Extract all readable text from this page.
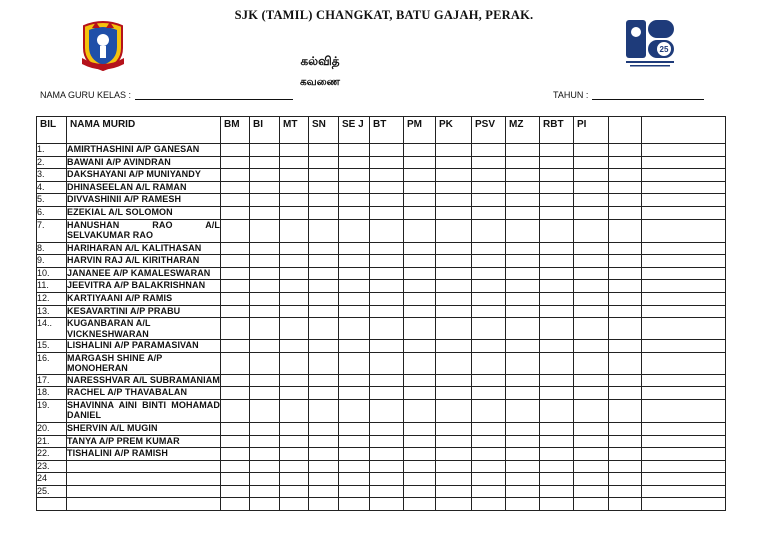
SJK (TAMIL) CHANGKAT, BATU GAJAH, PERAK.
25
கல்வித்
கவணை
NAMA GURU KELAS :	TAHUN :
BIL	NAMA MURID	BM	BI	MT	SN	SE J	BT	PM	PK	PSV	MZ	RBT	PI		
1.	AMIRTHASHINI A/P GANESAN														
2.	BAWANI A/P AVINDRAN														
3.	DAKSHAYANI A/P MUNIYANDY														
4.	DHINASEELAN A/L RAMAN														
5.	DIVVASHINII A/P RAMESH														
6.	EZEKIAL A/L SOLOMON														
7.	HANUSHAN RAO A/L SELVAKUMAR RAO														
8.	HARIHARAN A/L KALITHASAN														
9.	HARVIN RAJ A/L KIRITHARAN														
10.	JANANEE A/P KAMALESWARAN														
11.	JEEVITRA A/P BALAKRISHNAN														
12.	KARTIYAANI A/P RAMIS														
13.	KESAVARTINI A/P PRABU														
14..	KUGANBARAN A/L VICKNESHWARAN														
15.	LISHALINI A/P PARAMASIVAN														
16.	MARGASH SHINE A/P MONOHERAN														
17.	NARESSHVAR A/L SUBRAMANIAM														
18.	RACHEL A/P THAVABALAN														
19.	SHAVINNA AINI BINTI MOHAMAD DANIEL														
20.	SHERVIN A/L MUGIN														
21.	TANYA A/P PREM KUMAR														
22.	TISHALINI A/P RAMISH														
23.															
24															
25.															
